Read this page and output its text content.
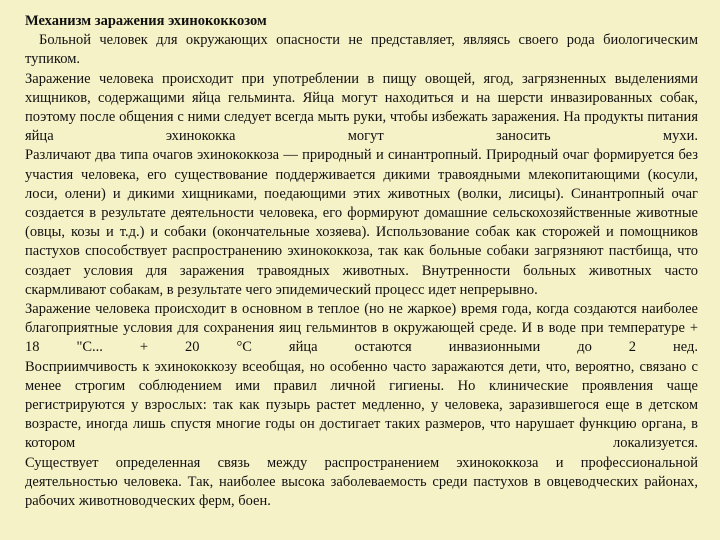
Механизм заражения эхинококкозом

Больной человек для окружающих опасности не представляет, являясь своего рода биологическим тупиком.

Заражение человека происходит при употреблении в пищу овощей, ягод, загрязненных выделениями хищников, содержащими яйца гельминта. Яйца могут находиться и на шерсти инвазированных собак, поэтому после общения с ними следует всегда мыть руки, чтобы избежать заражения. На продукты питания яйца эхинококка могут заносить мухи.

Различают два типа очагов эхинококкоза — природный и синантропный. Природный очаг формируется без участия человека, его существование поддерживается дикими травоядными млекопитающими (косули, лоси, олени) и дикими хищниками, поедающими этих животных (волки, лисицы). Синантропный очаг создается в результате деятельности человека, его формируют домашние сельскохозяйственные животные (овцы, козы и т.д.) и собаки (окончательные хозяева). Использование собак как сторожей и помощников пастухов способствует распространению эхинококкоза, так как больные собаки загрязняют пастбища, что создает условия для заражения травоядных животных. Внутренности больных животных часто скармливают собакам, в результате чего эпидемический процесс идет непрерывно.

Заражение человека происходит в основном в теплое (но не жаркое) время года, когда создаются наиболее благоприятные условия для сохранения яиц гельминтов в окружающей среде. И в воде при температуре + 18 "С... + 20 °С яйца остаются инвазионными до 2 нед.

Восприимчивость к эхинококкозу всеобщая, но особенно часто заражаются дети, что, вероятно, связано с менее строгим соблюдением ими правил личной гигиены. Но клинические проявления чаще регистрируются у взрослых: так как пузырь растет медленно, у человека, заразившегося еще в детском возрасте, иногда лишь спустя многие годы он достигает таких размеров, что нарушает функцию органа, в котором локализуется.

Существует определенная связь между распространением эхинококкоза и профессиональной деятельностью человека. Так, наиболее высока заболеваемость среди пастухов в овцеводческих районах, рабочих животноводческих ферм, боен.
